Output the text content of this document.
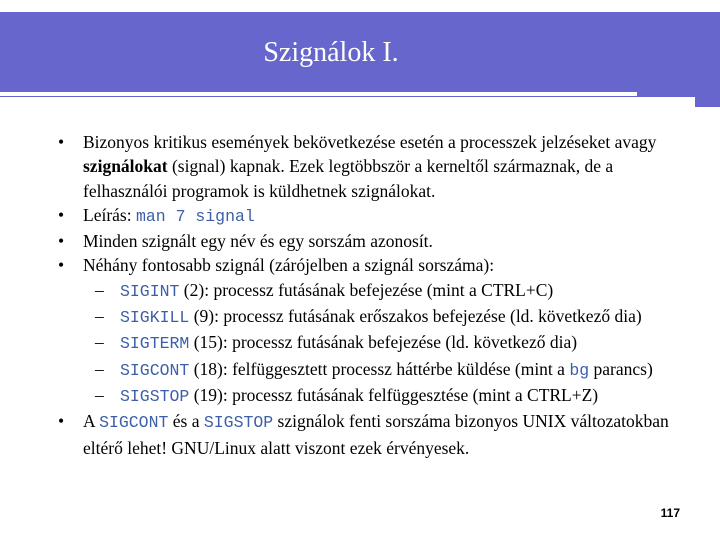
Szignálok I.
• Bizonyos kritikus események bekövetkezése esetén a processzek jelzéseket avagy szignálokat (signal) kapnak. Ezek legtöbbször a kerneltől származnak, de a felhasználói programok is küldhetnek szignálokat.
• Leírás: man 7 signal
• Minden szignált egy név és egy sorszám azonosít.
• Néhány fontosabb szignál (zárójelben a szignál sorszáma):
– SIGINT (2): processz futásának befejezése (mint a CTRL+C)
– SIGKILL (9): processz futásának erőszakos befejezése (ld. következő dia)
– SIGTERM (15): processz futásának befejezése (ld. következő dia)
– SIGCONT (18): felfüggesztett processz háttérbe küldése (mint a bg parancs)
– SIGSTOP (19): processz futásának felfüggesztése (mint a CTRL+Z)
• A SIGCONT és a SIGSTOP szignálok fenti sorszáma bizonyos UNIX változatokban eltérő lehet! GNU/Linux alatt viszont ezek érvényesek.
117
